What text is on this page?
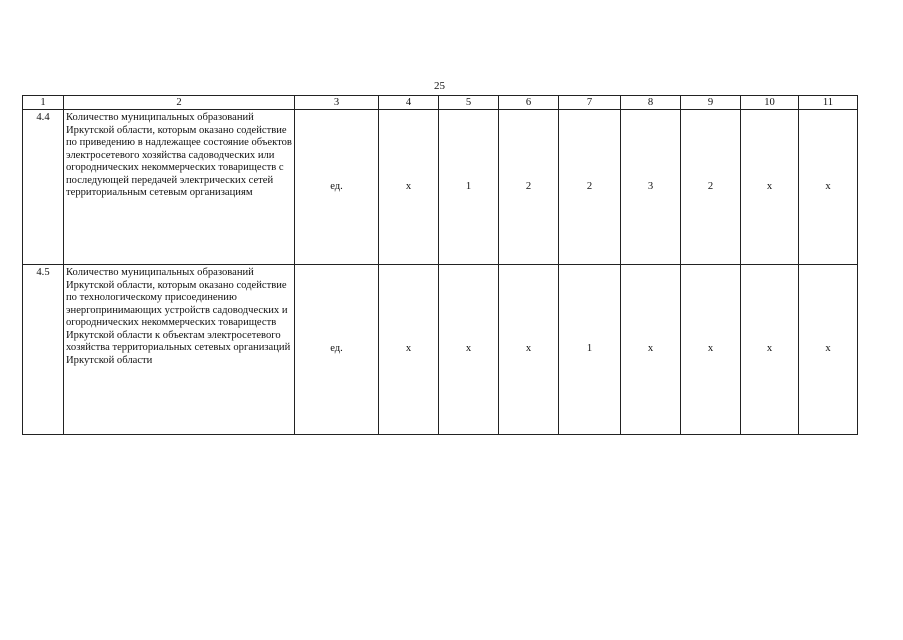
25
1	2	3	4	5	6	7	8	9	10	11
4.4	Количество муниципальных образований Иркутской области, которым оказано содействие по приведению в надлежащее состояние объектов электросетевого хозяйства садоводческих или огороднических некоммерческих товариществ с последующей передачей электрических сетей территориальным сетевым организациям	ед.	x	1	2	2	3	2	x	x
4.5	Количество муниципальных образований Иркутской области, которым оказано содействие по технологическому присоединению энергопринимающих устройств садоводческих и огороднических некоммерческих товариществ Иркутской области к объектам электросетевого хозяйства территориальных сетевых организаций Иркутской области	ед.	x	x	x	1	x	x	x	x
